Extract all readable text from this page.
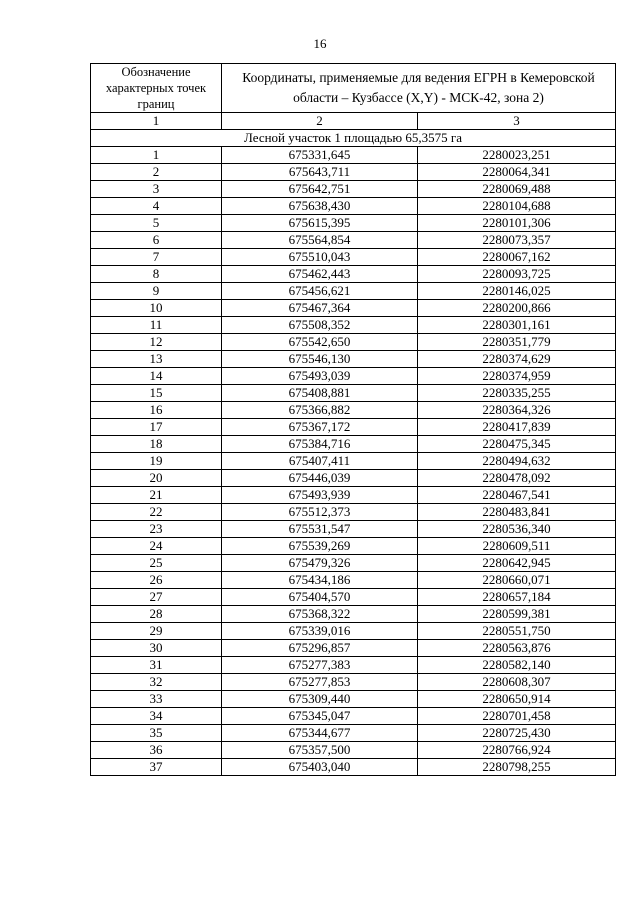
16
Обозначение характерных точек границ	Координаты, применяемые для ведения ЕГРН в Кемеровской области – Кузбассе (X,Y) - МСК-42, зона 2)	
1	2	3
Лесной участок 1 площадью 65,3575 га		
1	675331,645	2280023,251
2	675643,711	2280064,341
3	675642,751	2280069,488
4	675638,430	2280104,688
5	675615,395	2280101,306
6	675564,854	2280073,357
7	675510,043	2280067,162
8	675462,443	2280093,725
9	675456,621	2280146,025
10	675467,364	2280200,866
11	675508,352	2280301,161
12	675542,650	2280351,779
13	675546,130	2280374,629
14	675493,039	2280374,959
15	675408,881	2280335,255
16	675366,882	2280364,326
17	675367,172	2280417,839
18	675384,716	2280475,345
19	675407,411	2280494,632
20	675446,039	2280478,092
21	675493,939	2280467,541
22	675512,373	2280483,841
23	675531,547	2280536,340
24	675539,269	2280609,511
25	675479,326	2280642,945
26	675434,186	2280660,071
27	675404,570	2280657,184
28	675368,322	2280599,381
29	675339,016	2280551,750
30	675296,857	2280563,876
31	675277,383	2280582,140
32	675277,853	2280608,307
33	675309,440	2280650,914
34	675345,047	2280701,458
35	675344,677	2280725,430
36	675357,500	2280766,924
37	675403,040	2280798,255
